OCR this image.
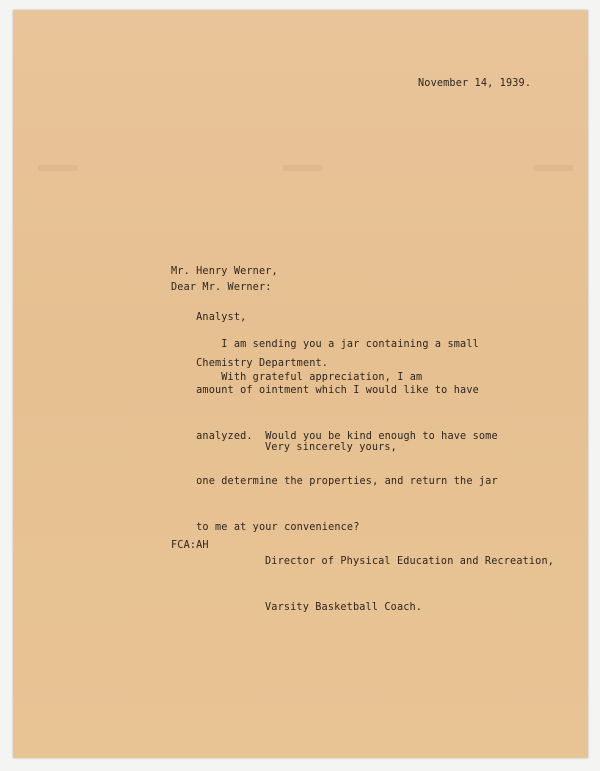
November 14, 1939.

Mr. Henry Werner,

Analyst,

Chemistry Department.

Dear Mr. Werner:

I am sending you a jar containing a small

amount of ointment which I would like to have

analyzed.  Would you be kind enough to have some

one determine the properties, and return the jar

to me at your convenience?

With grateful appreciation, I am
Very sincerely yours,

Director of Physical Education and Recreation,

Varsity Basketball Coach.

FCA:AH
